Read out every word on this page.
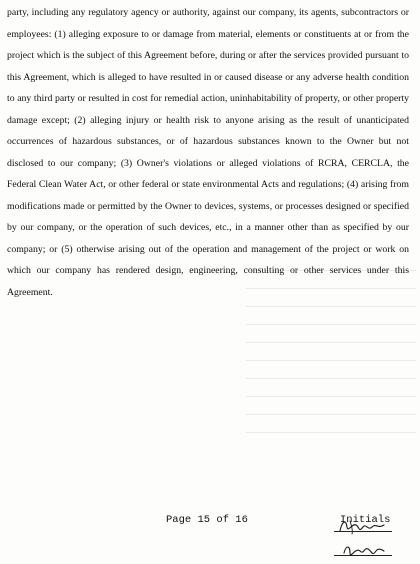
party, including any regulatory agency or authority, against our company, its agents, subcontractors or employees: (1) alleging exposure to or damage from material, elements or constituents at or from the project which is the subject of this Agreement before, during or after the services provided pursuant to this Agreement, which is alleged to have resulted in or caused disease or any adverse health condition to any third party or resulted in cost for remedial action, uninhabitability of property, or other property damage except; (2) alleging injury or health risk to anyone arising as the result of unanticipated occurrences of hazardous substances, or of hazardous substances known to the Owner but not disclosed to our company; (3) Owner's violations or alleged violations of RCRA, CERCLA, the Federal Clean Water Act, or other federal or state environmental Acts and regulations; (4) arising from modifications made or permitted by the Owner to devices, systems, or processes designed or specified by our company, or the operation of such devices, etc., in a manner other than as specified by our company; or (5) otherwise arising out of the operation and management of the project or work on which our company has rendered design, engineering, consulting or other services under this Agreement.

Page 15 of 16	Initials
